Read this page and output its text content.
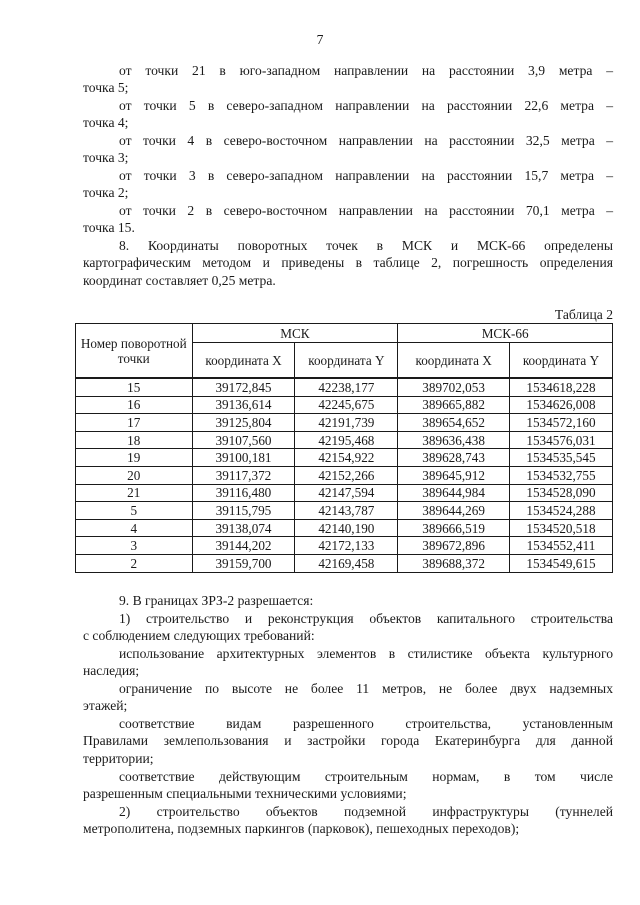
7
от точки 21 в юго-западном направлении на расстоянии 3,9 метра –
точка 5;
от точки 5 в северо-западном направлении на расстоянии 22,6 метра –
точка 4;
от точки 4 в северо-восточном направлении на расстоянии 32,5 метра –
точка 3;
от точки 3 в северо-западном направлении на расстоянии 15,7 метра –
точка 2;
от точки 2 в северо-восточном направлении на расстоянии 70,1 метра –
точка 15.
8. Координаты поворотных точек в МСК и МСК-66 определены
картографическим методом и приведены в таблице 2, погрешность определения
координат составляет 0,25 метра.
Таблица 2
Номер поворотной точки	МСК		МСК-66	
	координата X	координата Y	координата X	координата Y
15	39172,845	42238,177	389702,053	1534618,228
16	39136,614	42245,675	389665,882	1534626,008
17	39125,804	42191,739	389654,652	1534572,160
18	39107,560	42195,468	389636,438	1534576,031
19	39100,181	42154,922	389628,743	1534535,545
20	39117,372	42152,266	389645,912	1534532,755
21	39116,480	42147,594	389644,984	1534528,090
5	39115,795	42143,787	389644,269	1534524,288
4	39138,074	42140,190	389666,519	1534520,518
3	39144,202	42172,133	389672,896	1534552,411
2	39159,700	42169,458	389688,372	1534549,615
9. В границах ЗРЗ-2 разрешается:
1) строительство и реконструкция объектов капитального строительства
с соблюдением следующих требований:
использование архитектурных элементов в стилистике объекта культурного
наследия;
ограничение по высоте не более 11 метров, не более двух надземных
этажей;
соответствие видам разрешенного строительства, установленным
Правилами землепользования и застройки города Екатеринбурга для данной
территории;
соответствие действующим строительным нормам, в том числе
разрешенным специальными техническими условиями;
2) строительство объектов подземной инфраструктуры (туннелей
метрополитена, подземных паркингов (парковок), пешеходных переходов);
